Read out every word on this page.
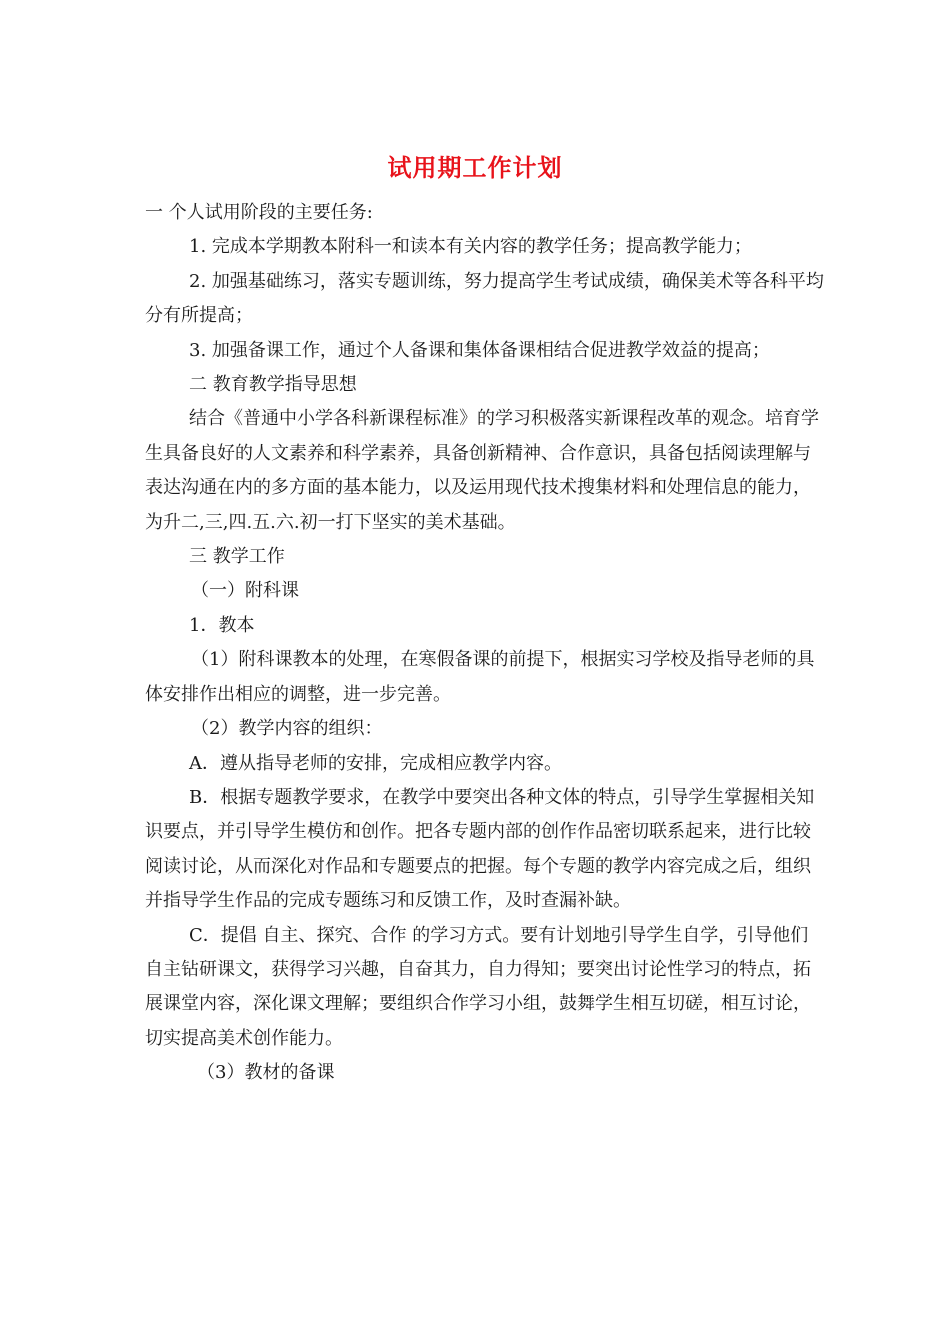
试用期工作计划

一 个人试用阶段的主要任务:

1. 完成本学期教本附科一和读本有关内容的教学任务；提高教学能力；

2. 加强基础练习，落实专题训练，努力提高学生考试成绩，确保美术等各科平均分有所提高；

3. 加强备课工作，通过个人备课和集体备课相结合促进教学效益的提高；

二 教育教学指导思想

结合《普通中小学各科新课程标准》的学习积极落实新课程改革的观念。培育学生具备良好的人文素养和科学素养，具备创新精神、合作意识，具备包括阅读理解与表达沟通在内的多方面的基本能力，以及运用现代技术搜集材料和处理信息的能力，为升二,三,四.五.六.初一打下坚实的美术基础。

三 教学工作

（一）附科课

1．教本

（1）附科课教本的处理，在寒假备课的前提下，根据实习学校及指导老师的具体安排作出相应的调整，进一步完善。

（2）教学内容的组织：

A．遵从指导老师的安排，完成相应教学内容。

B．根据专题教学要求，在教学中要突出各种文体的特点，引导学生掌握相关知识要点，并引导学生模仿和创作。把各专题内部的创作作品密切联系起来，进行比较阅读讨论，从而深化对作品和专题要点的把握。每个专题的教学内容完成之后，组织并指导学生作品的完成专题练习和反馈工作，及时查漏补缺。

C．提倡 自主、探究、合作 的学习方式。要有计划地引导学生自学，引导他们自主钻研课文，获得学习兴趣，自奋其力，自力得知；要突出讨论性学习的特点，拓展课堂内容，深化课文理解；要组织合作学习小组，鼓舞学生相互切磋，相互讨论，切实提高美术创作能力。

（3）教材的备课
